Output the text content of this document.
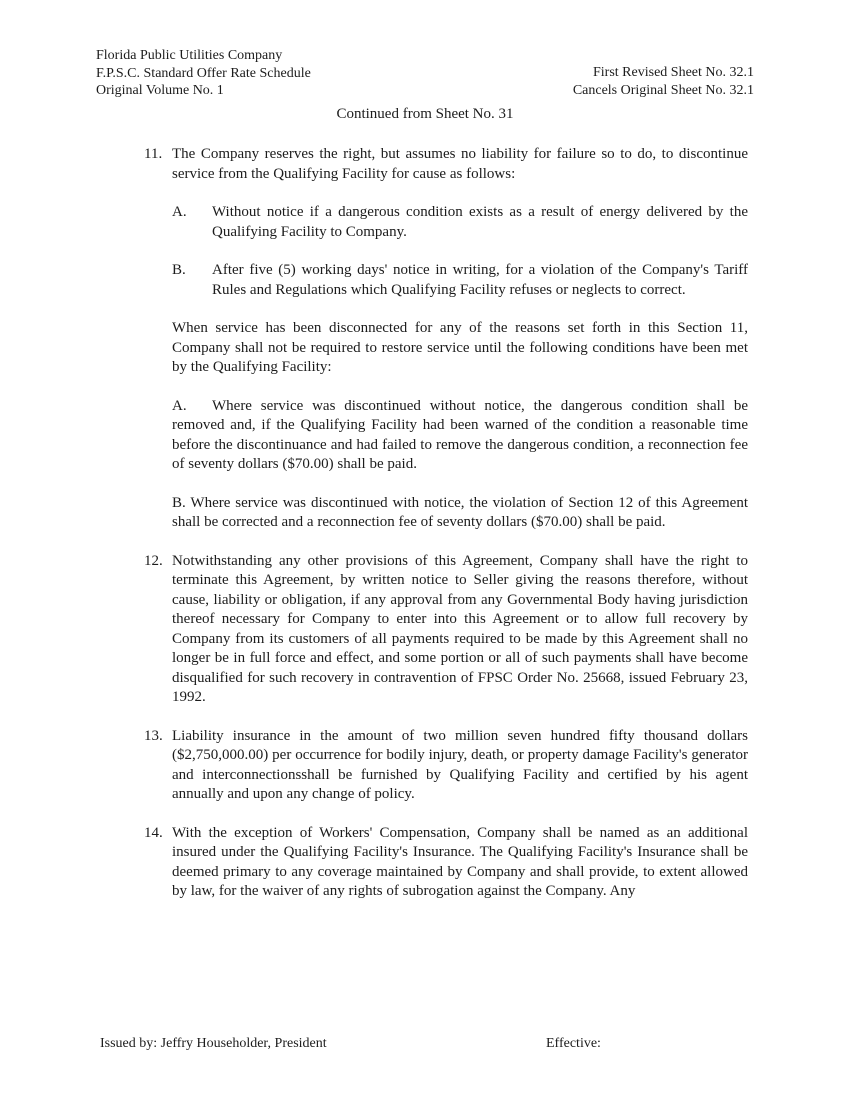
Florida Public Utilities Company
F.P.S.C. Standard Offer Rate Schedule
Original Volume No. 1
First Revised Sheet No. 32.1
Cancels Original Sheet No. 32.1
Continued from Sheet No. 31
11. The Company reserves the right, but assumes no liability for failure so to do, to discontinue service from the Qualifying Facility for cause as follows:
A. Without notice if a dangerous condition exists as a result of energy delivered by the Qualifying Facility to Company.
B. After five (5) working days' notice in writing, for a violation of the Company's Tariff Rules and Regulations which Qualifying Facility refuses or neglects to correct.
When service has been disconnected for any of the reasons set forth in this Section 11, Company shall not be required to restore service until the following conditions have been met by the Qualifying Facility:
A. Where service was discontinued without notice, the dangerous condition shall be removed and, if the Qualifying Facility had been warned of the condition a reasonable time before the discontinuance and had failed to remove the dangerous condition, a reconnection fee of seventy dollars ($70.00) shall be paid.
B. Where service was discontinued with notice, the violation of Section 12 of this Agreement shall be corrected and a reconnection fee of seventy dollars ($70.00) shall be paid.
12. Notwithstanding any other provisions of this Agreement, Company shall have the right to terminate this Agreement, by written notice to Seller giving the reasons therefore, without cause, liability or obligation, if any approval from any Governmental Body having jurisdiction thereof necessary for Company to enter into this Agreement or to allow full recovery by Company from its customers of all payments required to be made by this Agreement shall no longer be in full force and effect, and some portion or all of such payments shall have become disqualified for such recovery in contravention of FPSC Order No. 25668, issued February 23, 1992.
13. Liability insurance in the amount of two million seven hundred fifty thousand dollars ($2,750,000.00) per occurrence for bodily injury, death, or property damage Facility's generator and interconnectionsshall be furnished by Qualifying Facility and certified by his agent annually and upon any change of policy.
14. With the exception of Workers' Compensation, Company shall be named as an additional insured under the Qualifying Facility's Insurance. The Qualifying Facility's Insurance shall be deemed primary to any coverage maintained by Company and shall provide, to extent allowed by law, for the waiver of any rights of subrogation against the Company. Any
Issued by: Jeffry Householder, President	Effective:
